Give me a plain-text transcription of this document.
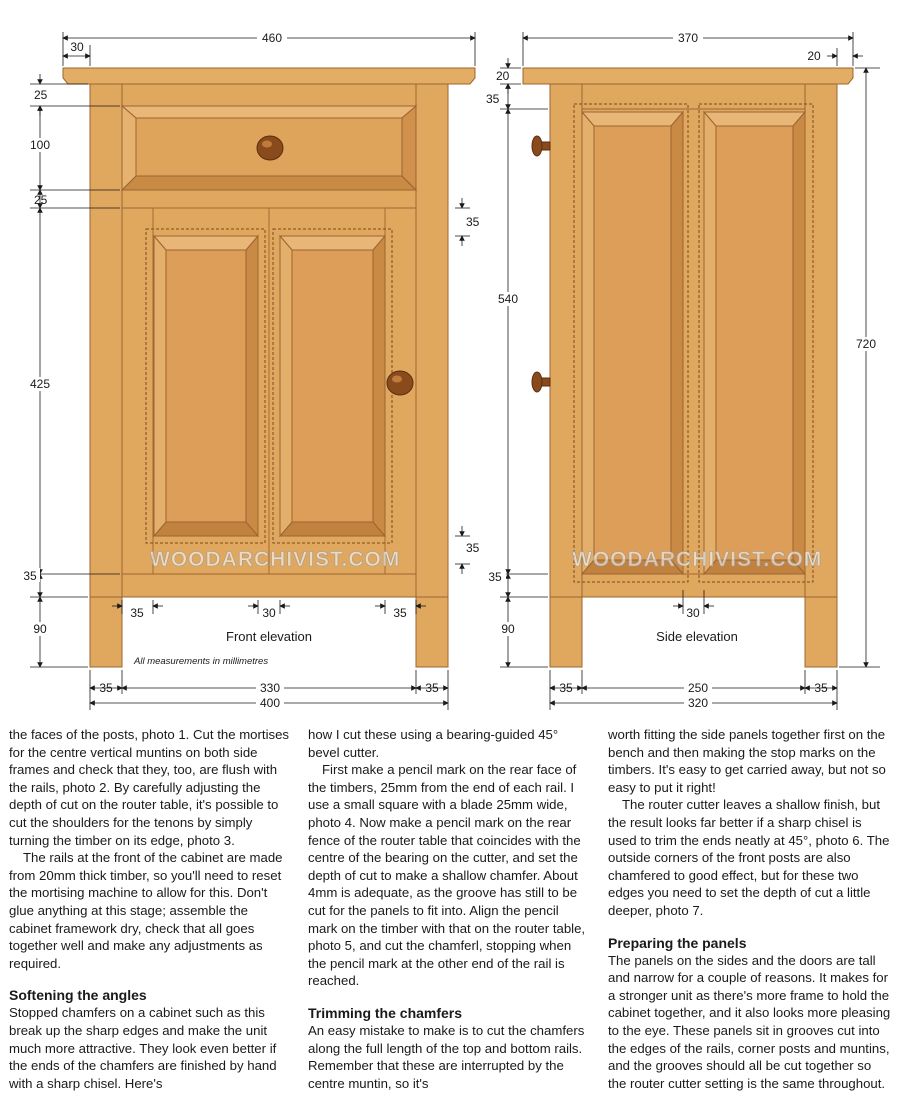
460
30
25
100
25
425
35
90
35
35
35	30	35
Front elevation
All measurements in millimetres
35	330	35
400
370
20
20
35
540
35
90
720
30
Side elevation
35	250	35
320
WOODARCHIVIST.COM	WOODARCHIVIST.COM

the faces of the posts, photo 1. Cut the mortises for the centre vertical muntins on both side frames and check that they, too, are flush with the rails, photo 2. By carefully adjusting the depth of cut on the router table, it's possible to cut the shoulders for the tenons by simply turning the timber on its edge, photo 3.

The rails at the front of the cabinet are made from 20mm thick timber, so you'll need to reset the mortising machine to allow for this. Don't glue anything at this stage; assemble the cabinet framework dry, check that all goes together well and make any adjustments as required.

Softening the angles

Stopped chamfers on a cabinet such as this break up the sharp edges and make the unit much more attractive. They look even better if the ends of the chamfers are finished by hand with a sharp chisel. Here's

how I cut these using a bearing-guided 45° bevel cutter.

First make a pencil mark on the rear face of the timbers, 25mm from the end of each rail. I use a small square with a blade 25mm wide, photo 4. Now make a pencil mark on the rear fence of the router table that coincides with the centre of the bearing on the cutter, and set the depth of cut to make a shallow chamfer. About 4mm is adequate, as the groove has still to be cut for the panels to fit into. Align the pencil mark on the timber with that on the router table, photo 5, and cut the chamferl, stopping when the pencil mark at the other end of the rail is reached.

Trimming the chamfers

An easy mistake to make is to cut the chamfers along the full length of the top and bottom rails. Remember that these are interrupted by the centre muntin, so it's

worth fitting the side panels together first on the bench and then making the stop marks on the timbers. It's easy to get carried away, but not so easy to put it right!

The router cutter leaves a shallow finish, but the result looks far better if a sharp chisel is used to trim the ends neatly at 45°, photo 6. The outside corners of the front posts are also chamfered to good effect, but for these two edges you need to set the depth of cut a little deeper, photo 7.

Preparing the panels

The panels on the sides and the doors are tall and narrow for a couple of reasons. It makes for a stronger unit as there's more frame to hold the cabinet together, and it also looks more pleasing to the eye. These panels sit in grooves cut into the edges of the rails, corner posts and muntins, and the grooves should all be cut together so the router cutter setting is the same throughout.
